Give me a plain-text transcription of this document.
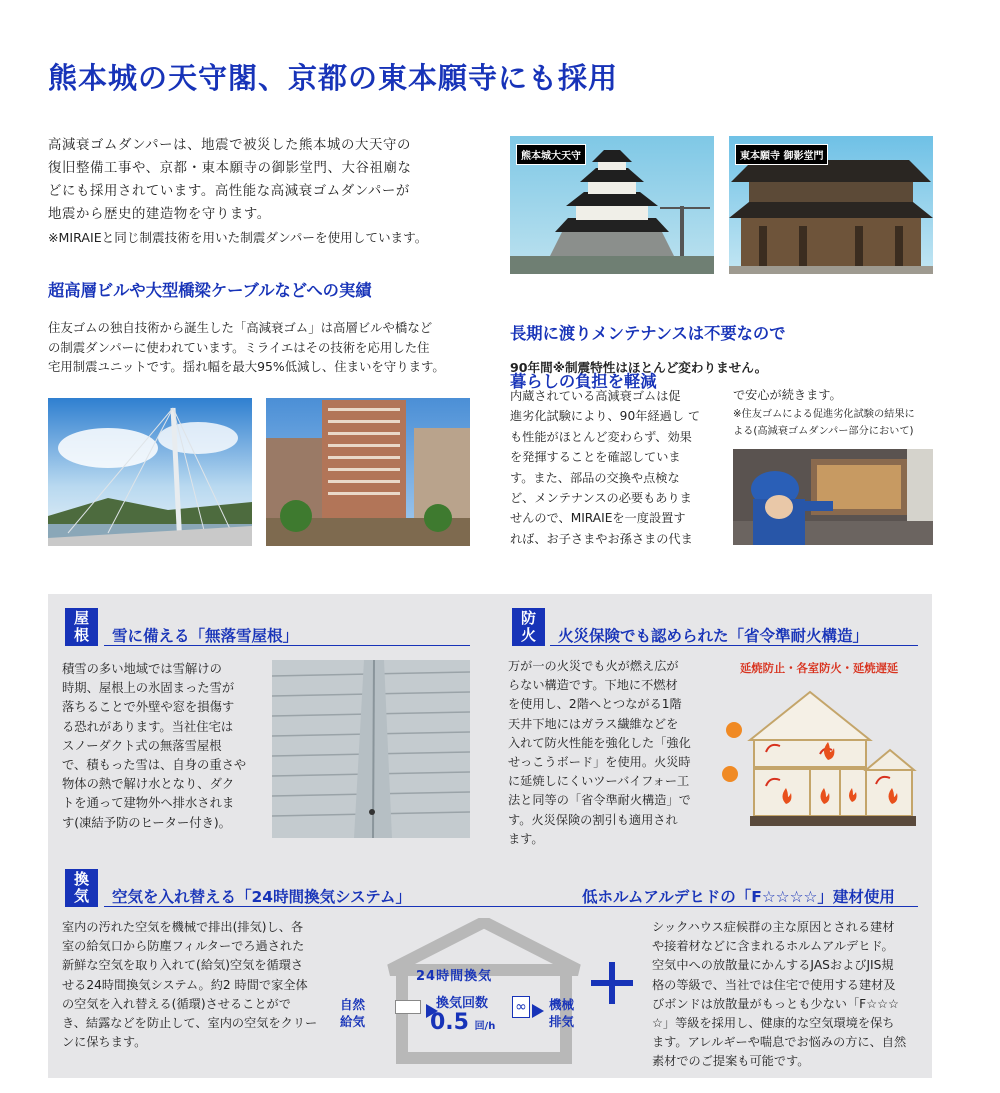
熊本城の天守閣、京都の東本願寺にも採用
高減衰ゴムダンパーは、地震で被災した熊本城の大天守の
復旧整備工事や、京都・東本願寺の御影堂門、大谷祖廟な
どにも採用されています。高性能な高減衰ゴムダンパーが
地震から歴史的建造物を守ります。
※MIRAIEと同じ制震技術を用いた制震ダンパーを使用しています。
熊本城大天守	東本願寺 御影堂門
超高層ビルや大型橋梁ケーブルなどへの実績
住友ゴムの独自技術から誕生した「高減衰ゴム」は高層ビルや橋など
の制震ダンパーに使われています。ミライエはその技術を応用した住
宅用制震ユニットです。揺れ幅を最大95%低減し、住まいを守ります。

長期に渡りメンテナンスは不要なので

暮らしの負担を軽減

90年間※制震特性はほとんど変わりません。
内蔵されている高減衰ゴムは促
進劣化試験により、90年経過し て
も性能がほとんど変わらず、効果
を発揮することを確認していま
す。また、部品の交換や点検な
ど、メンテナンスの必要もありま
せんので、MIRAIEを一度設置す
れば、お子さまやお孫さまの代ま
で安心が続きます。
※住友ゴムによる促進劣化試験の結果に
よる(高減衰ゴムダンパー部分において)
屋
根	雪に備える「無落雪屋根」
積雪の多い地域では雪解けの
時期、屋根上の氷固まった雪が
落ちることで外壁や窓を損傷す
る恐れがあります。当社住宅は
スノーダクト式の無落雪屋根
で、積もった雪は、自身の重さや
物体の熱で解け水となり、ダク
トを通って建物外へ排水されま
す(凍結予防のヒーター付き)。
防
火	火災保険でも認められた「省令準耐火構造」
万が一の火災でも火が燃え広が
らない構造です。下地に不燃材
を使用し、2階へとつながる1階
天井下地にはガラス繊維などを
入れて防火性能を強化した「強化
せっこうボード」を使用。火災時
に延焼しにくいツーバイフォー工
法と同等の「省令準耐火構造」で
す。火災保険の割引も適用され
ます。
延焼防止・各室防火・延焼遅延
換
気	空気を入れ替える「24時間換気システム」	低ホルムアルデヒドの「F☆☆☆☆」建材使用
室内の汚れた空気を機械で排出(排気)し、各
室の給気口から防塵フィルターでろ過された
新鮮な空気を取り入れて(給気)空気を循環さ
せる24時間換気システム。約2 時間で家全体
の空気を入れ替える(循環)させることがで
き、結露などを防止して、室内の空気をクリー
ンに保ちます。
∞
24時間換気
自然
給気
機械
排気
換気回数
0.5 回/h
シックハウス症候群の主な原因とされる建材
や接着材などに含まれるホルムアルデヒド。
空気中への放散量にかんするJASおよびJIS規
格の等級で、当社では住宅で使用する建材及
びボンドは放散量がもっとも少ない「F☆☆☆
☆」等級を採用し、健康的な空気環境を保ち
ます。アレルギーや喘息でお悩みの方に、自然
素材でのご提案も可能です。
